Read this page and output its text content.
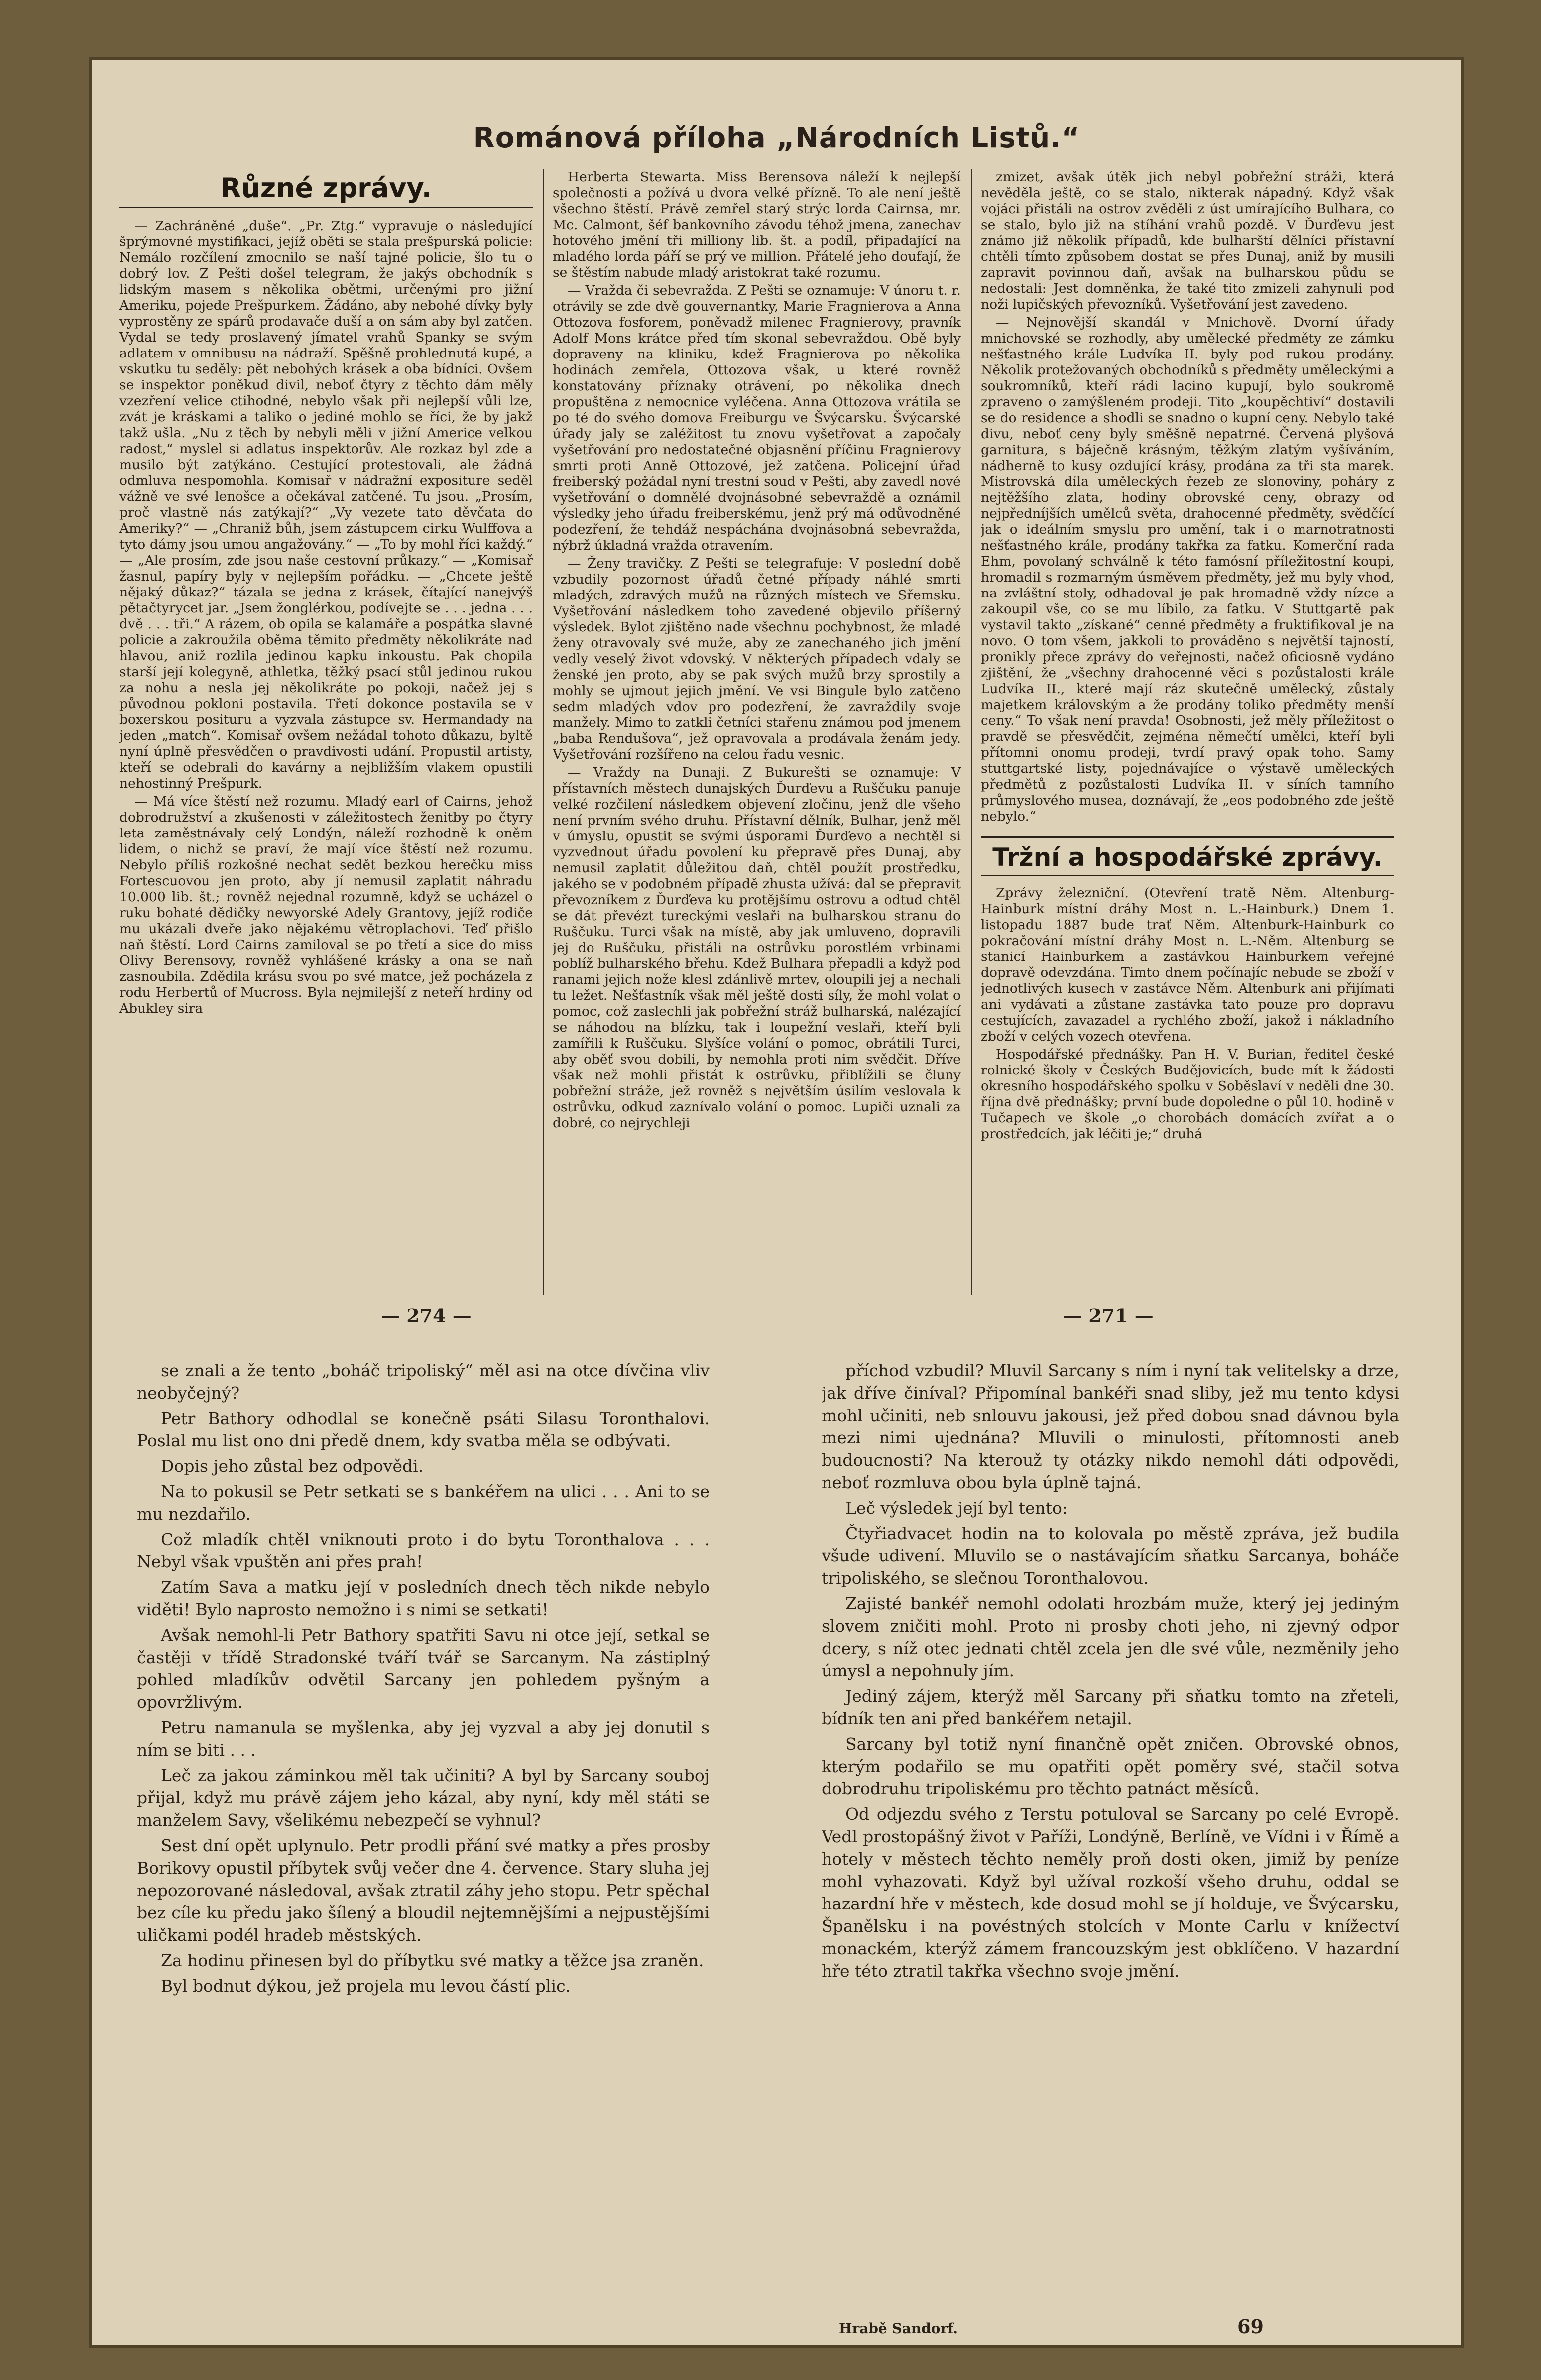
Románová příloha „Národních Listů.“
Různé zprávy.

— Zachráněné „duše“. „Pr. Ztg.“ vypravuje o následující šprýmovné mystifikaci, jejíž oběti se stala prešpurská policie: Nemálo rozčílení zmocnilo se naší tajné policie, šlo tu o dobrý lov. Z Pešti došel telegram, že jakýs obchodník s lidským masem s několika obětmi, určenými pro jižní Ameriku, pojede Prešpurkem. Žádáno, aby nebohé dívky byly vyprostěny ze spárů prodavače duší a on sám aby byl zatčen. Vydal se tedy proslavený jímatel vrahů Spanky se svým adlatem v omnibusu na nádraží. Spěšně prohlednutá kupé, a vskutku tu seděly: pět nebohých krásek a oba bídníci. Ovšem se inspektor poněkud divil, neboť čtyry z těchto dám měly vzezření velice ctihodné, nebylo však při nejlepší vůli lze, zvát je kráskami a taliko o jediné mohlo se říci, že by jakž takž ušla. „Nu z těch by nebyli měli v jižní Americe velkou radost,“ myslel si adlatus inspektorův. Ale rozkaz byl zde a musilo být zatýkáno. Cestující protestovali, ale žádná odmluva nespomohla. Komisař v nádražní expositure seděl vážně ve své lenošce a očekával zatčené. Tu jsou. „Prosím, proč vlastně nás zatýkají?“ „Vy vezete tato děvčata do Ameriky?“ — „Chraniž bůh, jsem zástupcem cirku Wulffova a tyto dámy jsou umou angažovány.“ — „To by mohl říci každý.“ — „Ale prosím, zde jsou naše cestovní průkazy.“ — „Komisař žasnul, papíry byly v nejlepším pořádku. — „Chcete ještě nějaký důkaz?“ tázala se jedna z krásek, čítající nanejvýš pětačtyrycet jar. „Jsem žonglérkou, podívejte se . . . jedna . . . dvě . . . tři.“ A rázem, ob opila se kalamáře a pospátka slavné policie a zakroužila oběma těmito předměty několikráte nad hlavou, aniž rozlila jedinou kapku inkoustu. Pak chopila starší její kolegyně, athletka, těžký psací stůl jedinou rukou za nohu a nesla jej několikráte po pokoji, načež jej s původnou pokloni postavila. Třetí dokonce postavila se v boxerskou posituru a vyzvala zástupce sv. Hermandady na jeden „match“. Komisař ovšem nežádal tohoto důkazu, byltě nyní úplně přesvědčen o pravdivosti udání. Propustil artisty, kteří se odebrali do kavárny a nejbližším vlakem opustili nehostinný Prešpurk.

— Má více štěstí než rozumu. Mladý earl of Cairns, jehož dobrodružství a zkušenosti v záležitostech ženitby po čtyry leta zaměstnávaly celý Londýn, náleží rozhodně k oněm lidem, o nichž se praví, že mají více štěstí než rozumu. Nebylo příliš rozkošné nechat sedět bezkou herečku miss Fortescuovou jen proto, aby jí nemusil zaplatit náhradu 10.000 lib. št.; rovněž nejednal rozumně, když se ucházel o ruku bohaté dědičky newyorské Adely Grantovy, jejíž rodiče mu ukázali dveře jako nějakému větroplachovi. Teď přišlo naň štěstí. Lord Cairns zamiloval se po třetí a sice do miss Olivy Berensovy, rovněž vyhlášené krásky a ona se naň zasnoubila. Zdědila krásu svou po své matce, jež pocházela z rodu Herbertů of Mucross. Byla nejmilejší z neteří hrdiny od Abukley sira

Herberta Stewarta. Miss Berensova náleží k nejlepší společnosti a požívá u dvora velké přízně. To ale není ještě všechno štěstí. Právě zemřel starý strýc lorda Cairnsa, mr. Mc. Calmont, šéf bankovního závodu téhož jmena, zanechav hotového jmění tři milliony lib. št. a podíl, připadající na mladého lorda páří se prý ve million. Přátelé jeho doufají, že se štěstím nabude mladý aristokrat také rozumu.

— Vražda či sebevražda. Z Pešti se oznamuje: V únoru t. r. otrávily se zde dvě gouvernantky, Marie Fragnierova a Anna Ottozova fosforem, poněvadž milenec Fragnierovy, pravník Adolf Mons krátce před tím skonal sebevraždou. Obě byly dopraveny na kliniku, kdež Fragnierova po několika hodinách zemřela, Ottozova však, u které rovněž konstatovány příznaky otrávení, po několika dnech propuštěna z nemocnice vyléčena. Anna Ottozova vrátila se po té do svého domova Freiburgu ve Švýcarsku. Švýcarské úřady jaly se zaléžitost tu znovu vyšetřovat a započaly vyšetřování pro nedostatečné objasnění příčinu Fragnierovy smrti proti Anně Ottozové, jež zatčena. Policejní úřad freiberský požádal nyní trestní soud v Pešti, aby zavedl nové vyšetřování o domnělé dvojnásobné sebevraždě a oznámil výsledky jeho úřadu freiberskému, jenž prý má odůvodněné podezření, že tehdáž nespáchána dvojnásobná sebevražda, nýbrž úkladná vražda otravením.

— Ženy travičky. Z Pešti se telegrafuje: V poslední době vzbudily pozornost úřadů četné případy náhlé smrti mladých, zdravých mužů na různých místech ve Sřemsku. Vyšetřování následkem toho zavedené objevilo příšerný výsledek. Bylot zjištěno nade všechnu pochybnost, že mladé ženy otravovaly své muže, aby ze zanechaného jich jmění vedly veselý život vdovský. V některých případech vdaly se ženské jen proto, aby se pak svých mužů brzy sprostily a mohly se ujmout jejich jmění. Ve vsi Bingule bylo zatčeno sedm mladých vdov pro podezření, že zavraždily svoje manžely. Mimo to zatkli četníci stařenu známou pod jmenem „baba Rendušova“, jež opravovala a prodávala ženám jedy. Vyšetřování rozšířeno na celou řadu vesnic.

— Vraždy na Dunaji. Z Bukurešti se oznamuje: V přístavních městech dunajských Ďurďevu a Ruščuku panuje velké rozčilení následkem objevení zločinu, jenž dle všeho není prvním svého druhu. Přístavní dělník, Bulhar, jenž měl v úmyslu, opustit se svými úsporami Ďurďevo a nechtěl si vyzvednout úřadu povolení ku přepravě přes Dunaj, aby nemusil zaplatit důležitou daň, chtěl použít prostředku, jakého se v podobném případě zhusta užívá: dal se přepravit převozníkem z Ďurďeva ku protějšímu ostrovu a odtud chtěl se dát převézt tureckými veslaři na bulharskou stranu do Ruščuku. Turci však na místě, aby jak umluveno, dopravili jej do Ruščuku, přistáli na ostrůvku porostlém vrbinami poblíž bulharského břehu. Kdež Bulhara přepadli a když pod ranami jejich nože klesl zdánlivě mrtev, oloupili jej a nechali tu ležet. Nešťastník však měl ještě dosti síly, že mohl volat o pomoc, což zaslechli jak pobřežní stráž bulharská, nalézající se náhodou na blízku, tak i loupežní veslaři, kteří byli zamířili k Ruščuku. Slyšíce volání o pomoc, obrátili Turci, aby oběť svou dobili, by nemohla proti nim svědčit. Dříve však než mohli přistát k ostrůvku, přiblížili se čluny pobřežní stráže, jež rovněž s největším úsilím veslovala k ostrůvku, odkud zaznívalo volání o pomoc. Lupiči uznali za dobré, co nejrychleji

zmizet, avšak útěk jich nebyl pobřežní stráži, která nevěděla ještě, co se stalo, nikterak nápadný. Když však vojáci přistáli na ostrov zvěděli z úst umírajícího Bulhara, co se stalo, bylo již na stíhání vrahů pozdě. V Ďurďevu jest známo již několik případů, kde bulharští dělníci přístavní chtěli tímto způsobem dostat se přes Dunaj, aniž by musili zapravit povinnou daň, avšak na bulharskou půdu se nedostali: Jest domněnka, že také tito zmizeli zahynuli pod noži lupičských převozníků. Vyšetřování jest zavedeno.

— Nejnovější skandál v Mnichově. Dvorní úřady mnichovské se rozhodly, aby umělecké předměty ze zámku nešťastného krále Ludvíka II. byly pod rukou prodány. Několik protežovaných obchodníků s předměty uměleckými a soukromníků, kteří rádi lacino kupují, bylo soukromě zpraveno o zamýšleném prodeji. Tito „koupěchtiví“ dostavili se do residence a shodli se snadno o kupní ceny. Nebylo také divu, neboť ceny byly směšně nepatrné. Červená plyšová garnitura, s báječně krásným, těžkým zlatým vyšíváním, nádherně to kusy ozdující krásy, prodána za tři sta marek. Mistrovská díla uměleckých řezeb ze slonoviny, poháry z nejtěžšího zlata, hodiny obrovské ceny, obrazy od nejpředníjších umělců světa, drahocenné předměty, svědčící jak o ideálním smyslu pro umění, tak i o marnotratnosti nešťastného krále, prodány takřka za fatku. Komerční rada Ehm, povolaný schválně k této famósní příležitostní koupi, hromadil s rozmarným úsměvem předměty, jež mu byly vhod, na zvláštní stoly, odhadoval je pak hromadně vždy nízce a zakoupil vše, co se mu líbilo, za fatku. V Stuttgartě pak vystavil takto „získané“ cenné předměty a fruktifikoval je na novo. O tom všem, jakkoli to prováděno s největší tajností, pronikly přece zprávy do veřejnosti, načež oficiosně vydáno zjištění, že „všechny drahocenné věci s pozůstalosti krále Ludvíka II., které mají ráz skutečně umělecký, zůstaly majetkem královským a že prodány toliko předměty menší ceny.“ To však není pravda! Osobnosti, jež měly příležitost o pravdě se přesvědčit, zejména němečtí umělci, kteří byli přítomni onomu prodeji, tvrdí pravý opak toho. Samy stuttgartské listy, pojednávajíce o výstavě uměleckých předmětů z pozůstalosti Ludvíka II. v síních tamního průmyslového musea, doznávají, že „eos podobného zde ještě nebylo.“

Tržní a hospodářské zprávy.

Zprávy železniční. (Otevření tratě Něm. Altenburg-Hainburk místní dráhy Most n. L.-Hainburk.) Dnem 1. listopadu 1887 bude trať Něm. Altenburk-Hainburk co pokračování místní dráhy Most n. L.-Něm. Altenburg se stanicí Hainburkem a zastávkou Hainburkem veřejné dopravě odevzdána. Timto dnem počínajíc nebude se zboží v jednotlivých kusech v zastávce Něm. Altenburk ani přijímati ani vydávati a zůstane zastávka tato pouze pro dopravu cestujících, zavazadel a rychlého zboží, jakož i nákladního zboží v celých vozech otevřena.

Hospodářské přednášky. Pan H. V. Burian, ředitel české rolnické školy v Českých Budějovicích, bude mít k žádosti okresního hospodářského spolku v Soběslaví v neděli dne 30. října dvě přednášky; první bude dopoledne o půl 10. hodině v Tučapech ve škole „o chorobách domácích zvířat a o prostředcích, jak léčiti je;“ druhá

— 274 —	— 271 —

se znali a že tento „boháč tripoliský“ měl asi na otce dívčina vliv neobyčejný?

Petr Bathory odhodlal se konečně psáti Silasu Toronthalovi. Poslal mu list ono dni předě dnem, kdy svatba měla se odbývati.

Dopis jeho zůstal bez odpovědi.

Na to pokusil se Petr setkati se s bankéřem na ulici . . . Ani to se mu nezdařilo.

Což mladík chtěl vniknouti proto i do bytu Toronthalova . . . Nebyl však vpuštěn ani přes prah!

Zatím Sava a matku její v posledních dnech těch nikde nebylo viděti! Bylo naprosto nemožno i s nimi se setkati!

Avšak nemohl-li Petr Bathory spatřiti Savu ni otce její, setkal se častěji v třídě Stradonské tváří tvář se Sarcanym. Na zástiplný pohled mladíkův odvětil Sarcany jen pohledem pyšným a opovržlivým.

Petru namanula se myšlenka, aby jej vyzval a aby jej donutil s ním se biti . . .

Leč za jakou záminkou měl tak učiniti? A byl by Sarcany souboj přijal, když mu právě zájem jeho kázal, aby nyní, kdy měl státi se manželem Savy, všelikému nebezpečí se vyhnul?

Sest dní opět uplynulo. Petr prodli přání své matky a přes prosby Borikovy opustil příbytek svůj večer dne 4. července. Stary sluha jej nepozorované následoval, avšak ztratil záhy jeho stopu. Petr spěchal bez cíle ku předu jako šílený a bloudil nejtemnějšími a nejpustějšími uličkami podél hradeb městských.

Za hodinu přinesen byl do příbytku své matky a těžce jsa zraněn.

Byl bodnut dýkou, jež projela mu levou částí plic.

příchod vzbudil? Mluvil Sarcany s ním i nyní tak velitelsky a drze, jak dříve činíval? Připomínal bankéři snad sliby, jež mu tento kdysi mohl učiniti, neb snlouvu jakousi, jež před dobou snad dávnou byla mezi nimi ujednána? Mluvili o minulosti, přítomnosti aneb budoucnosti? Na kterouž ty otázky nikdo nemohl dáti odpovědi, neboť rozmluva obou byla úplně tajná.

Leč výsledek její byl tento:

Čtyřiadvacet hodin na to kolovala po městě zpráva, jež budila všude udivení. Mluvilo se o nastávajícím sňatku Sarcanya, boháče tripoliského, se slečnou Toronthalovou.

Zajisté bankéř nemohl odolati hrozbám muže, který jej jediným slovem zničiti mohl. Proto ni prosby choti jeho, ni zjevný odpor dcery, s níž otec jednati chtěl zcela jen dle své vůle, nezměnily jeho úmysl a nepohnuly jím.

Jediný zájem, kterýž měl Sarcany při sňatku tomto na zřeteli, bídník ten ani před bankéřem netajil.

Sarcany byl totiž nyní finančně opět zničen. Obrovské obnos, kterým podařilo se mu opatřiti opět poměry své, stačil sotva dobrodruhu tripoliskému pro těchto patnáct měsíců.

Od odjezdu svého z Terstu potuloval se Sarcany po celé Evropě. Vedl prostopášný život v Paříži, Londýně, Berlíně, ve Vídni i v Římě a hotely v městech těchto neměly proň dosti oken, jimiž by peníze mohl vyhazovati. Když byl užíval rozkoší všeho druhu, oddal se hazardní hře v městech, kde dosud mohl se jí holduje, ve Švýcarsku, Španělsku i na povéstných stolcích v Monte Carlu v knížectví monackém, kterýž zámem francouzským jest obklíčeno. V hazardní hře této ztratil takřka všechno svoje jmění.

Hrabě Sandorf.	69
